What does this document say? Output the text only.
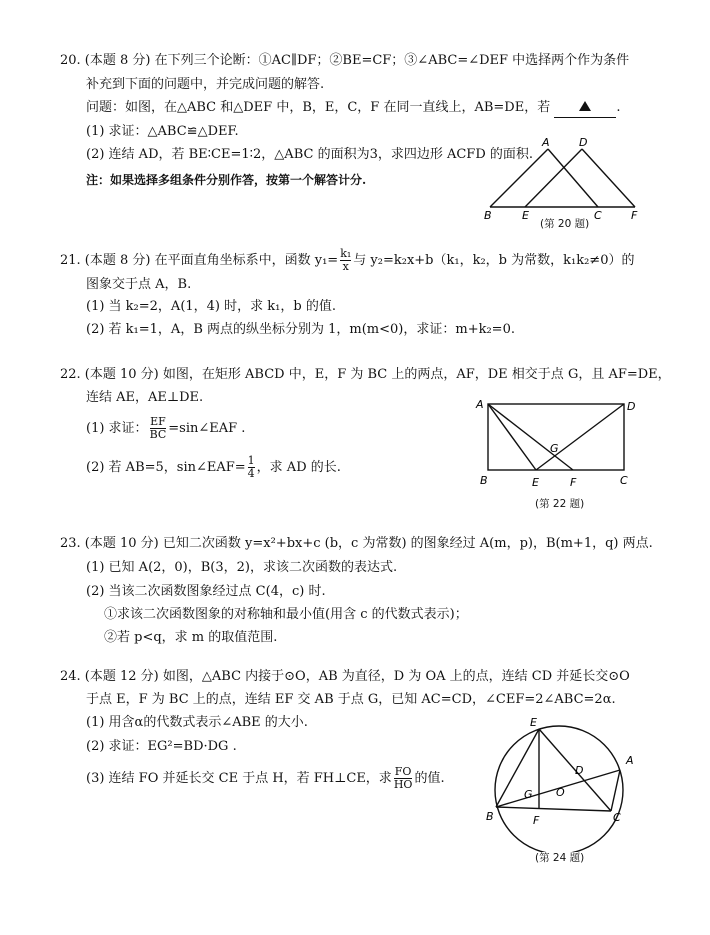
20. (本题 8 分) 在下列三个论断：①AC∥DF；②BE=CF；③∠ABC=∠DEF 中选择两个作为条件
补充到下面的问题中，并完成问题的解答.
问题：如图，在△ABC 和△DEF 中，B，E，C，F 在同一直线上，AB=DE，若	.
(1) 求证：△ABC≌△DEF.
(2) 连结 AD，若 BE∶CE=1∶2，△ABC 的面积为3，求四边形 ACFD 的面积.
注：如果选择多组条件分别作答，按第一个解答计分.
A	D
B	E	C	F
(第 20 题)
21. (本题 8 分) 在平面直角坐标系中，函数 $y_1= \frac{\text{k₁}}{x}$ 与 y₂=k₂x+b（k₁，k₂，b 为常数，k₁k₂≠0）的
图象交于点 A，B.
(1) 当 k₂=2，A(1，4) 时，求 k₁，b 的值.
(2) 若 k₁=1，A，B 两点的纵坐标分别为 1，m(m<0)，求证：m+k₂=0.
22. (本题 10 分) 如图，在矩形 ABCD 中，E，F 为 BC 上的两点，AF，DE 相交于点 G，且 AF=DE，
连结 AE，AE⊥DE.
(1) 求证： $\frac{EF}{BC}$ =sin∠EAF .
(2) 若 AB=5，sin∠EAF= $\frac{1}{4}$ ，求 AD 的长.
A	D
G
B	E	F	C
(第 22 题)
23. (本题 10 分) 已知二次函数 y=x²+bx+c (b，c 为常数) 的图象经过 A(m，p)，B(m+1，q) 两点.
(1) 已知 A(2，0)，B(3，2)，求该二次函数的表达式.
(2) 当该二次函数图象经过点 C(4，c) 时.
①求该二次函数图象的对称轴和最小值(用含 c 的代数式表示)；
②若 p<q，求 m 的取值范围.
24. (本题 12 分) 如图，△ABC 内接于⊙O，AB 为直径，D 为 OA 上的点，连结 CD 并延长交⊙O
于点 E，F 为 BC 上的点，连结 EF 交 AB 于点 G，已知 AC=CD，∠CEF=2∠ABC=2α.
(1) 用含α的代数式表示∠ABE 的大小.
(2) 求证：EG²=BD·DG .
(3) 连结 FO 并延长交 CE 于点 H，若 FH⊥CE，求 $\frac{FO}{HO}$ 的值.
E
A
D
G O
B	F	C
(第 24 题)
